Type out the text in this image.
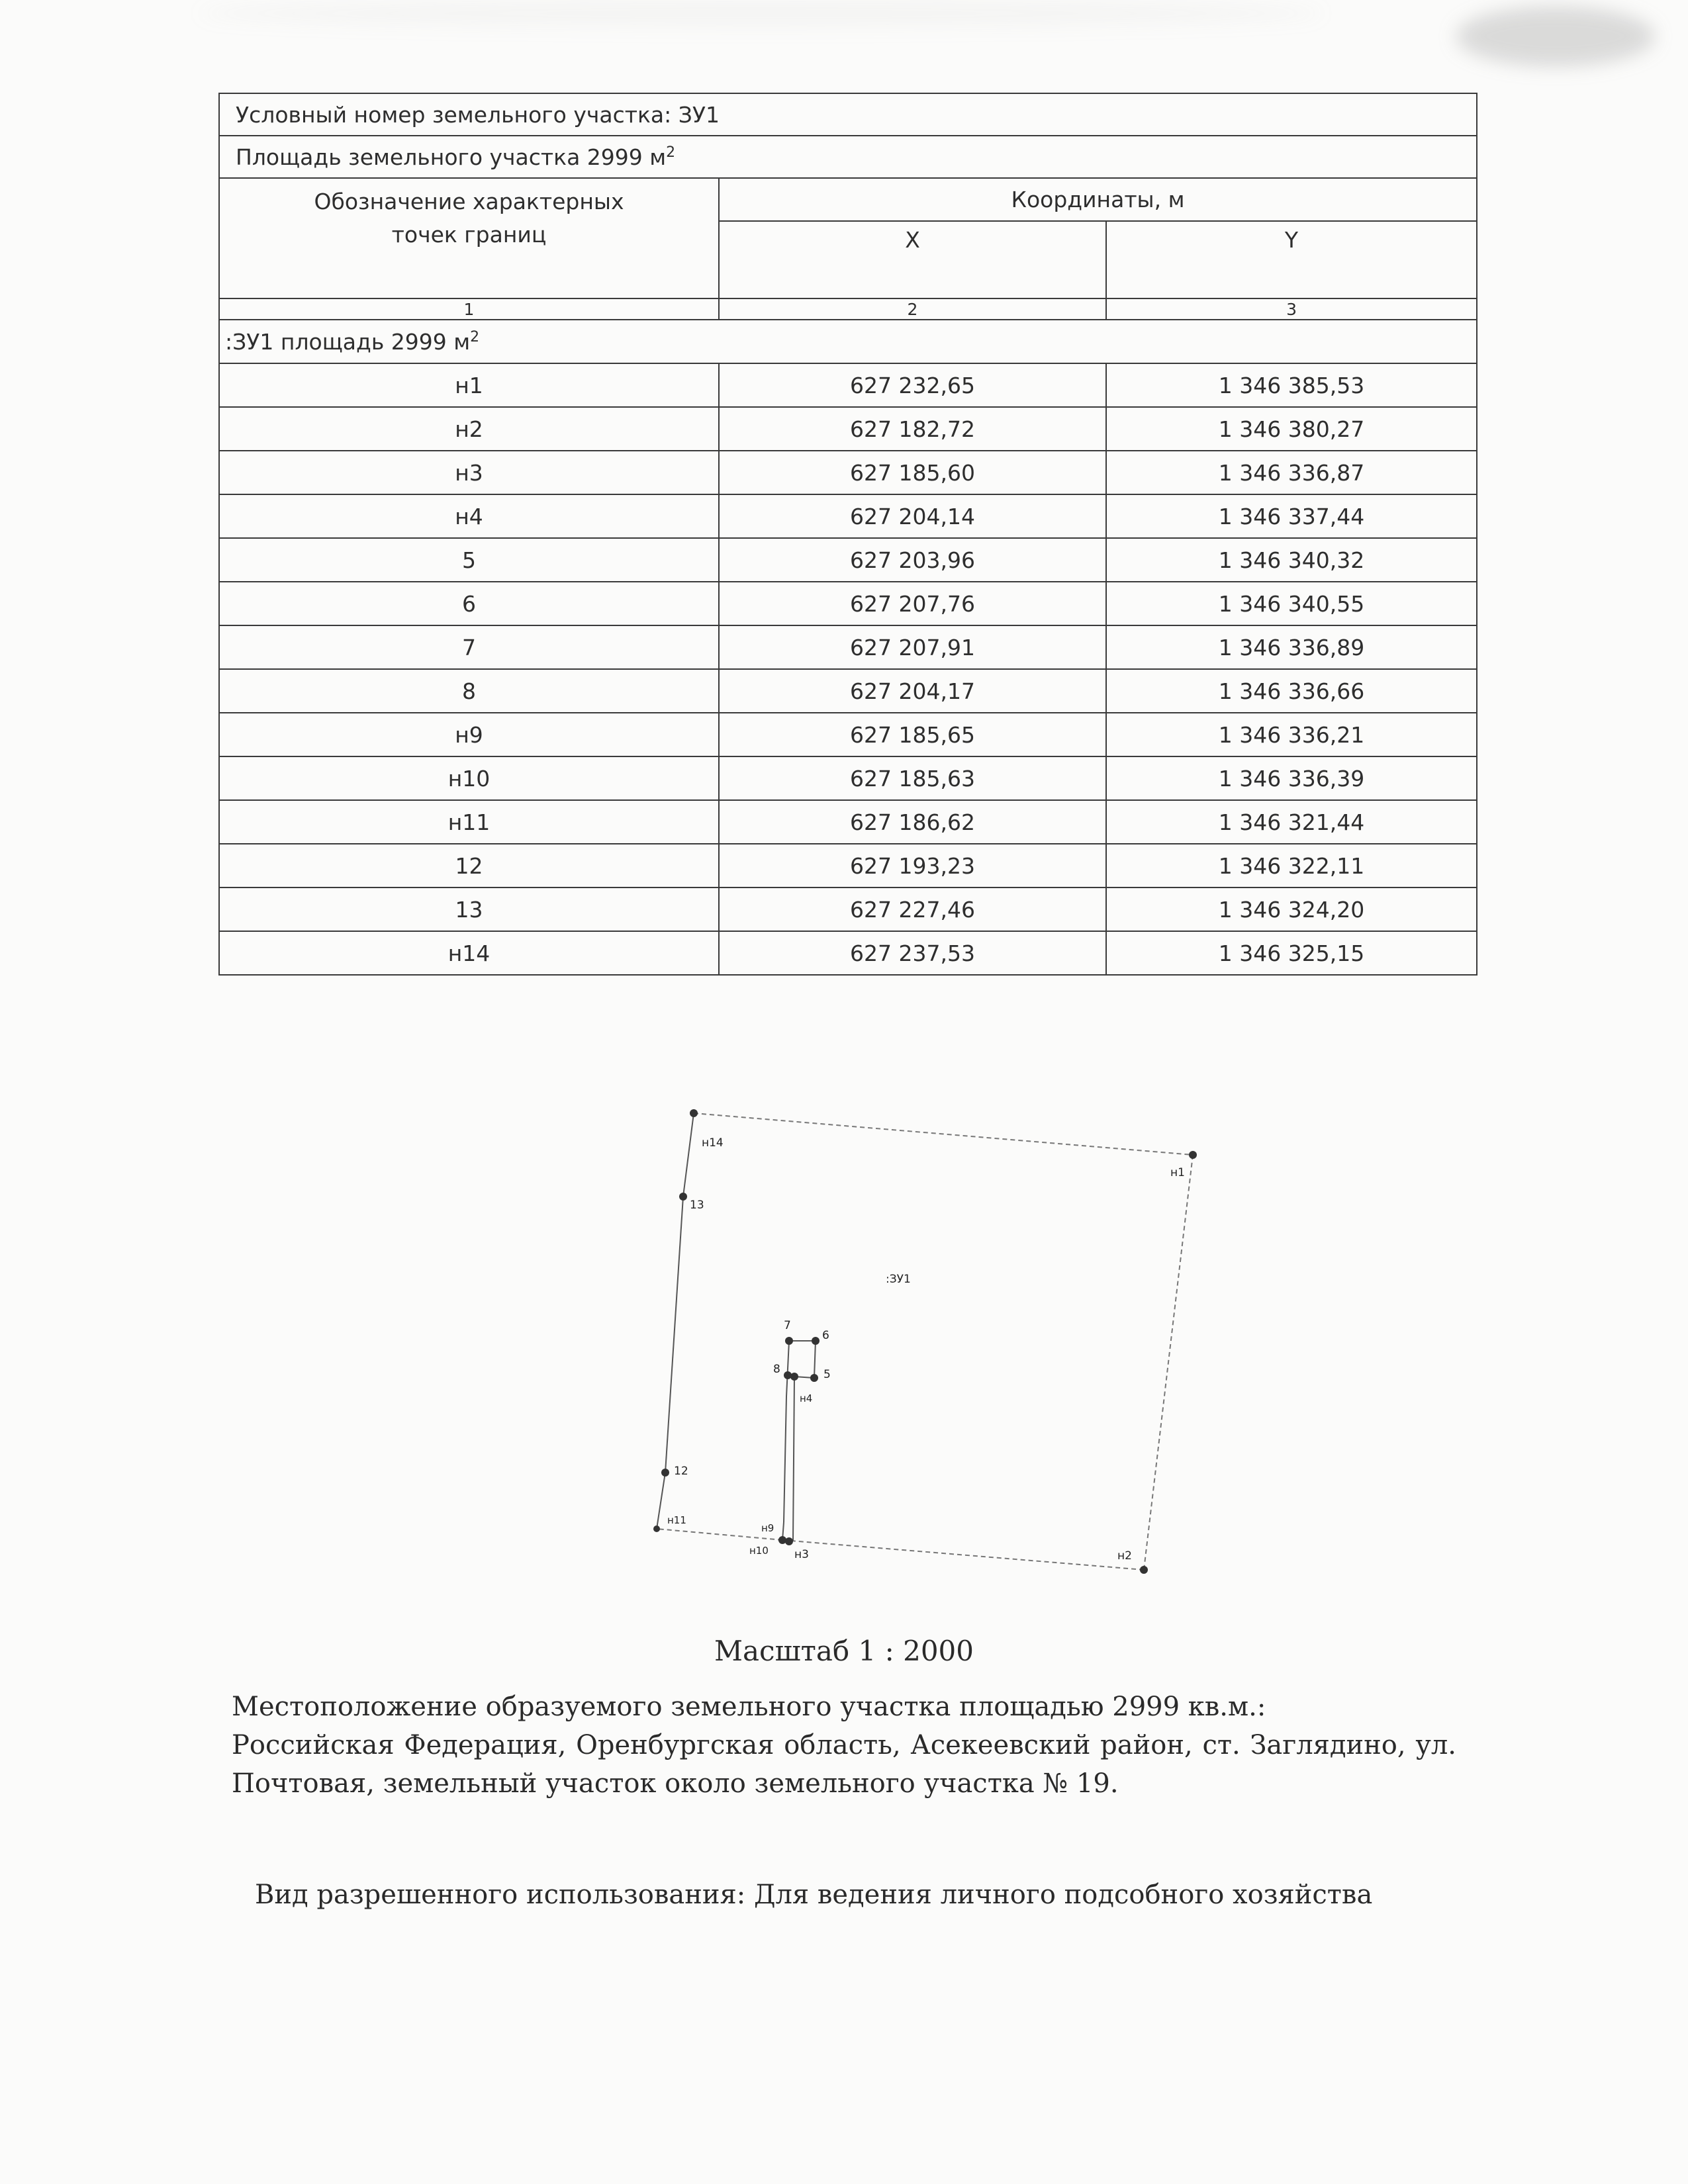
Условный номер земельного участка: ЗУ1		
Площадь земельного участка 2999 $м^2$
Обозначение характерных точек границ	Координаты, м	
	X	Y
1	2	3
:ЗУ1 площадь 2999 $м^2$
н1	627 232,65	1 346 385,53
н2	627 182,72	1 346 380,27
н3	627 185,60	1 346 336,87
н4	627 204,14	1 346 337,44
5	627 203,96	1 346 340,32
6	627 207,76	1 346 340,55
7	627 207,91	1 346 336,89
8	627 204,17	1 346 336,66
н9	627 185,65	1 346 336,21
н10	627 185,63	1 346 336,39
н11	627 186,62	1 346 321,44
12	627 193,23	1 346 322,11
13	627 227,46	1 346 324,20
н14	627 237,53	1 346 325,15
н14
н1
13
:ЗУ1
7
6
8	5
н4
12
н11
н9
н10 н3	н2
Масштаб 1 : 2000
Местоположение образуемого земельного участка площадью 2999 кв.м.:
Российская Федерация, Оренбургская область, Асекеевский район, ст. Заглядино, ул. Почтовая, земельный участок около земельного участка № 19.
Вид разрешенного использования: Для ведения личного подсобного хозяйства
